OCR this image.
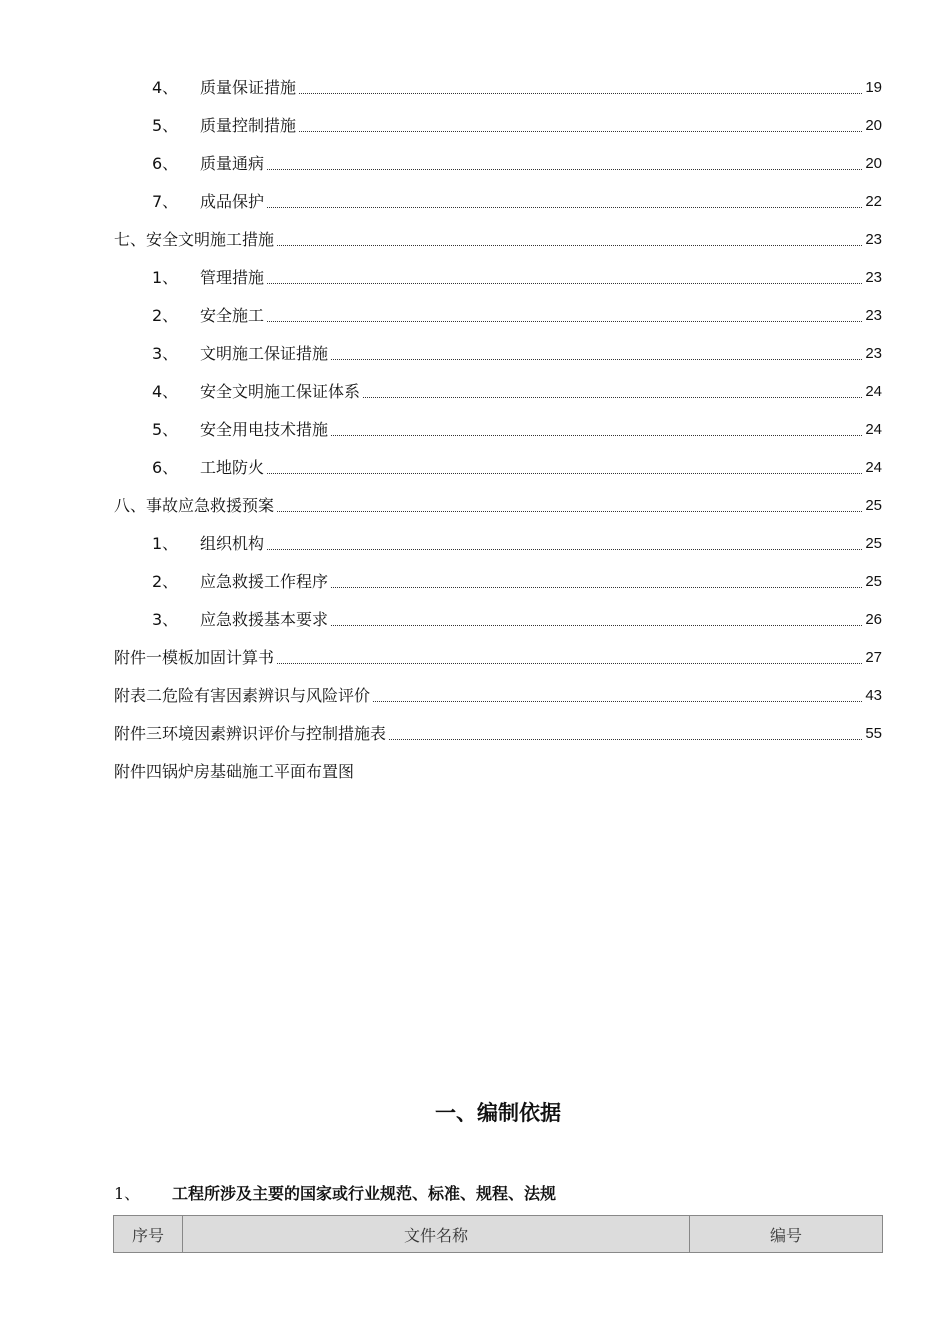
4、	质量保证措施	19
5、	质量控制措施	20
6、	质量通病	20
7、	成品保护	22
七、安全文明施工措施	23
1、	管理措施	23
2、	安全施工	23
3、	文明施工保证措施	23
4、	安全文明施工保证体系	24
5、	安全用电技术措施	24
6、	工地防火	24
八、事故应急救援预案	25
1、	组织机构	25
2、	应急救援工作程序	25
3、	应急救援基本要求	26
附件一模板加固计算书	27
附表二危险有害因素辨识与风险评价	43
附件三环境因素辨识评价与控制措施表	55
附件四锅炉房基础施工平面布置图
一、编制依据
1、	工程所涉及主要的国家或行业规范、标准、规程、法规
序号	文件名称	编号
